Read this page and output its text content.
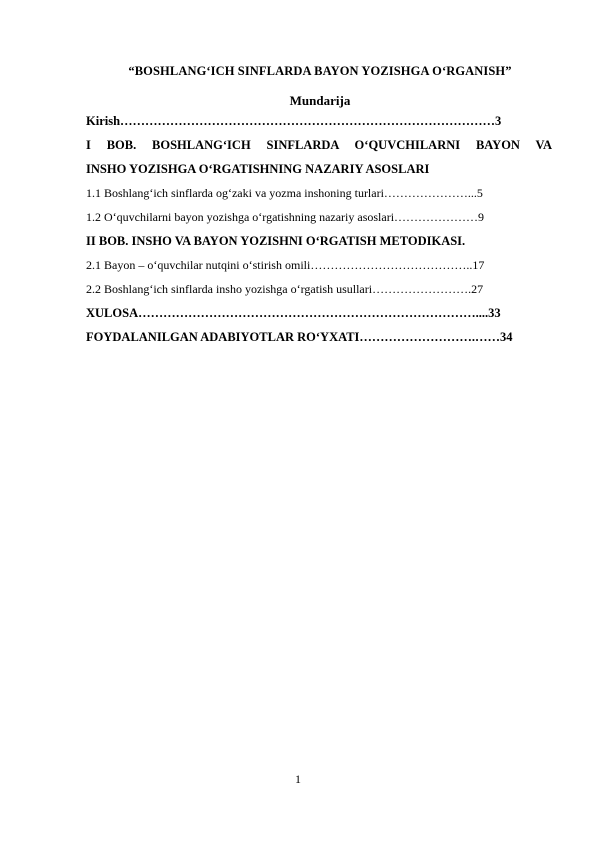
“BOSHLANG‘ICH SINFLARDA BAYON YOZISHGA O‘RGANISH”
Mundarija
Kirish………………………………………………………………………………3
I BOB. BOSHLANG‘ICH SINFLARDA O‘QUVCHILARNI BAYON VA
INSHO YOZISHGA O‘RGATISHNING NAZARIY ASOSLARI
1.1 Boshlang‘ich sinflarda og‘zaki va yozma inshoning turlari…………………...5
1.2 O‘quvchilarni bayon yozishga o‘rgatishning nazariy asoslari…………………9
II BOB. INSHO VA BAYON YOZISHNI O‘RGATISH METODIKASI.
2.1 Bayon – o‘quvchilar nutqini o‘stirish omili…………………………………..17
2.2 Boshlang‘ich sinflarda insho yozishga o‘rgatish usullari…………………….27
XULOSA………………………………………………………………………....33
FOYDALANILGAN ADABIYOTLAR RO‘YXATI……………………….……34
1
